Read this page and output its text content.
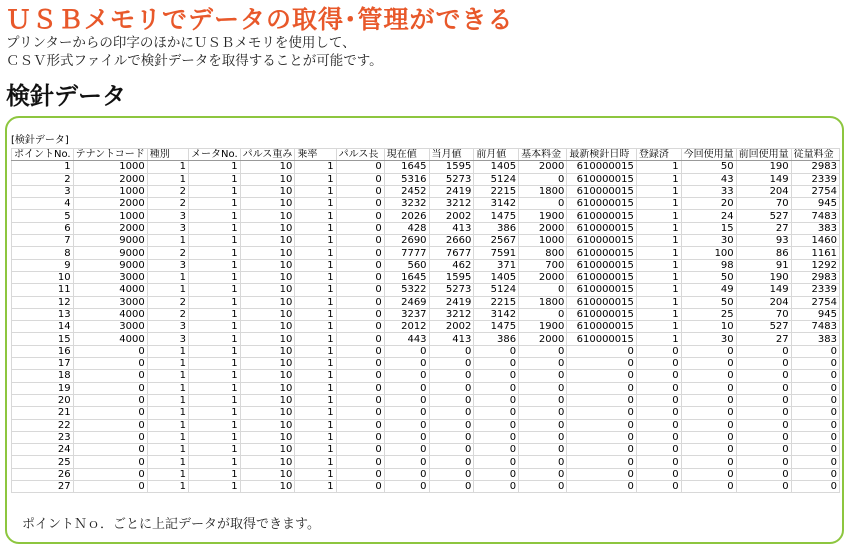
ＵＳＢメモリでデータの取得･管理ができる
プリンターからの印字のほかにＵＳＢメモリを使用して、
ＣＳＶ形式ファイルで検針データを取得することが可能です。
検針データ
[検針データ]
ポイントNo.	テナントコード	種別	メータNo.	パルス重み	乗率	パルス長	現在値	当月値	前月値	基本料金	最新検針日時	登録済	今回使用量	前回使用量	従量料金
1	1000	1	1	10	1	0	1645	1595	1405	2000	610000015	1	50	190	2983
2	2000	1	1	10	1	0	5316	5273	5124	0	610000015	1	43	149	2339
3	1000	2	1	10	1	0	2452	2419	2215	1800	610000015	1	33	204	2754
4	2000	2	1	10	1	0	3232	3212	3142	0	610000015	1	20	70	945
5	1000	3	1	10	1	0	2026	2002	1475	1900	610000015	1	24	527	7483
6	2000	3	1	10	1	0	428	413	386	2000	610000015	1	15	27	383
7	9000	1	1	10	1	0	2690	2660	2567	1000	610000015	1	30	93	1460
8	9000	2	1	10	1	0	7777	7677	7591	800	610000015	1	100	86	1161
9	9000	3	1	10	1	0	560	462	371	700	610000015	1	98	91	1292
10	3000	1	1	10	1	0	1645	1595	1405	2000	610000015	1	50	190	2983
11	4000	1	1	10	1	0	5322	5273	5124	0	610000015	1	49	149	2339
12	3000	2	1	10	1	0	2469	2419	2215	1800	610000015	1	50	204	2754
13	4000	2	1	10	1	0	3237	3212	3142	0	610000015	1	25	70	945
14	3000	3	1	10	1	0	2012	2002	1475	1900	610000015	1	10	527	7483
15	4000	3	1	10	1	0	443	413	386	2000	610000015	1	30	27	383
16	0	1	1	10	1	0	0	0	0	0	0	0	0	0	0
17	0	1	1	10	1	0	0	0	0	0	0	0	0	0	0
18	0	1	1	10	1	0	0	0	0	0	0	0	0	0	0
19	0	1	1	10	1	0	0	0	0	0	0	0	0	0	0
20	0	1	1	10	1	0	0	0	0	0	0	0	0	0	0
21	0	1	1	10	1	0	0	0	0	0	0	0	0	0	0
22	0	1	1	10	1	0	0	0	0	0	0	0	0	0	0
23	0	1	1	10	1	0	0	0	0	0	0	0	0	0	0
24	0	1	1	10	1	0	0	0	0	0	0	0	0	0	0
25	0	1	1	10	1	0	0	0	0	0	0	0	0	0	0
26	0	1	1	10	1	0	0	0	0	0	0	0	0	0	0
27	0	1	1	10	1	0	0	0	0	0	0	0	0	0	0
ポイントＮｏ．ごとに上記データが取得できます。
